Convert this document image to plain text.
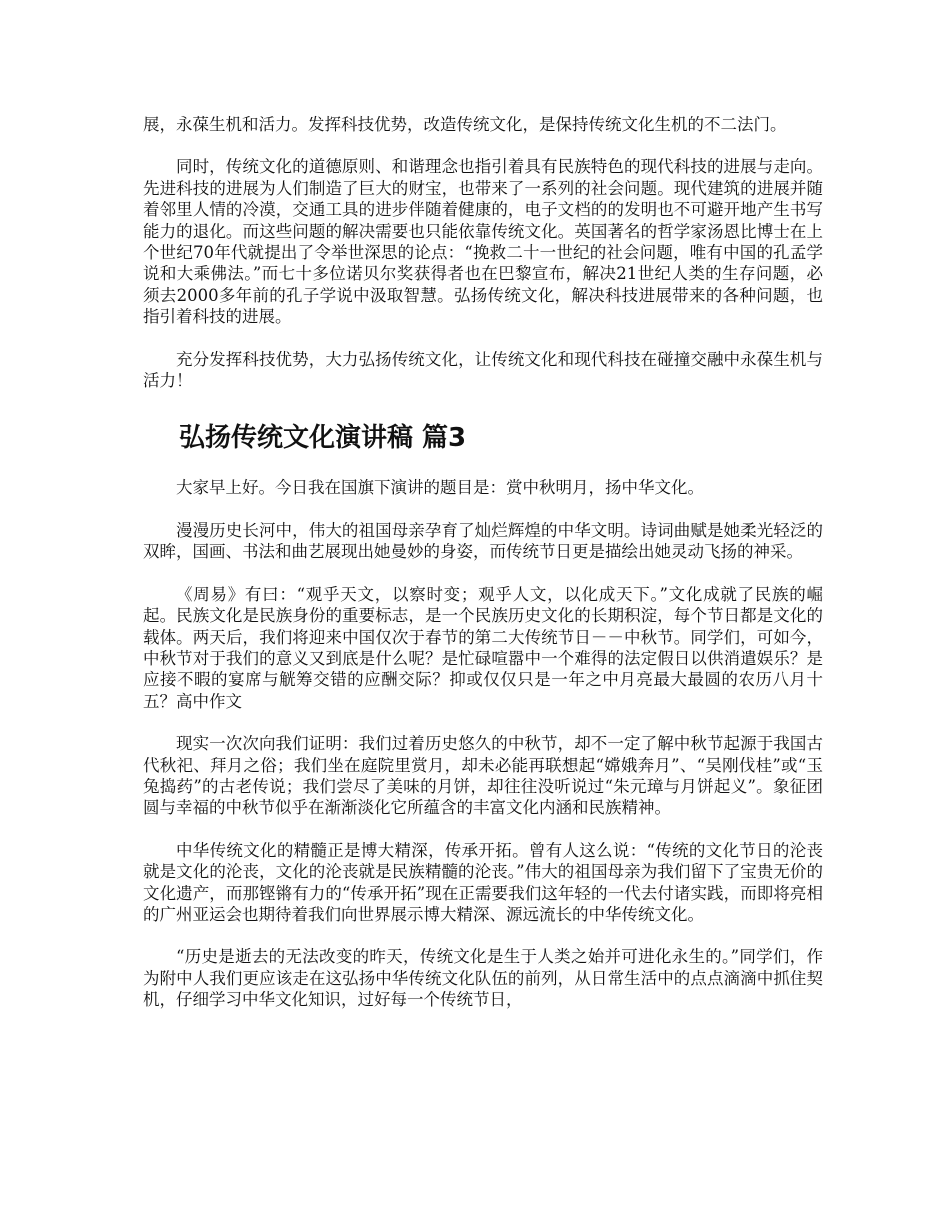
展，永葆生机和活力。发挥科技优势，改造传统文化，是保持传统文化生机的不二法门。

同时，传统文化的道德原则、和谐理念也指引着具有民族特色的现代科技的进展与走向。先进科技的进展为人们制造了巨大的财宝，也带来了一系列的社会问题。现代建筑的进展并随着邻里人情的冷漠，交通工具的进步伴随着健康的，电子文档的的发明也不可避开地产生书写能力的退化。而这些问题的解决需要也只能依靠传统文化。英国著名的哲学家汤恩比博士在上个世纪70年代就提出了令举世深思的论点：“挽救二十一世纪的社会问题，唯有中国的孔孟学说和大乘佛法。”而七十多位诺贝尔奖获得者也在巴黎宣布，解决21世纪人类的生存问题，必须去2000多年前的孔子学说中汲取智慧。弘扬传统文化，解决科技进展带来的各种问题，也指引着科技的进展。

充分发挥科技优势，大力弘扬传统文化，让传统文化和现代科技在碰撞交融中永葆生机与活力！

弘扬传统文化演讲稿 篇3

大家早上好。今日我在国旗下演讲的题目是：赏中秋明月，扬中华文化。

漫漫历史长河中，伟大的祖国母亲孕育了灿烂辉煌的中华文明。诗词曲赋是她柔光轻泛的双眸，国画、书法和曲艺展现出她曼妙的身姿，而传统节日更是描绘出她灵动飞扬的神采。

《周易》有曰：“观乎天文，以察时变；观乎人文，以化成天下。”文化成就了民族的崛起。民族文化是民族身份的重要标志，是一个民族历史文化的长期积淀，每个节日都是文化的载体。两天后，我们将迎来中国仅次于春节的第二大传统节日－－中秋节。同学们，可如今，中秋节对于我们的意义又到底是什么呢？是忙碌喧嚣中一个难得的法定假日以供消遣娱乐？是应接不暇的宴席与觥筹交错的应酬交际？抑或仅仅只是一年之中月亮最大最圆的农历八月十五？高中作文

现实一次次向我们证明：我们过着历史悠久的中秋节，却不一定了解中秋节起源于我国古代秋祀、拜月之俗；我们坐在庭院里赏月，却未必能再联想起“嫦娥奔月”、“吴刚伐桂”或“玉兔捣药”的古老传说；我们尝尽了美味的月饼，却往往没听说过“朱元璋与月饼起义”。象征团圆与幸福的中秋节似乎在渐渐淡化它所蕴含的丰富文化内涵和民族精神。

中华传统文化的精髓正是博大精深，传承开拓。曾有人这么说：“传统的文化节日的沦丧就是文化的沦丧，文化的沦丧就是民族精髓的沦丧。”伟大的祖国母亲为我们留下了宝贵无价的文化遗产，而那铿锵有力的“传承开拓”现在正需要我们这年轻的一代去付诸实践，而即将亮相的广州亚运会也期待着我们向世界展示博大精深、源远流长的中华传统文化。

“历史是逝去的无法改变的昨天，传统文化是生于人类之始并可进化永生的。”同学们，作为附中人我们更应该走在这弘扬中华传统文化队伍的前列，从日常生活中的点点滴滴中抓住契机，仔细学习中华文化知识，过好每一个传统节日，
